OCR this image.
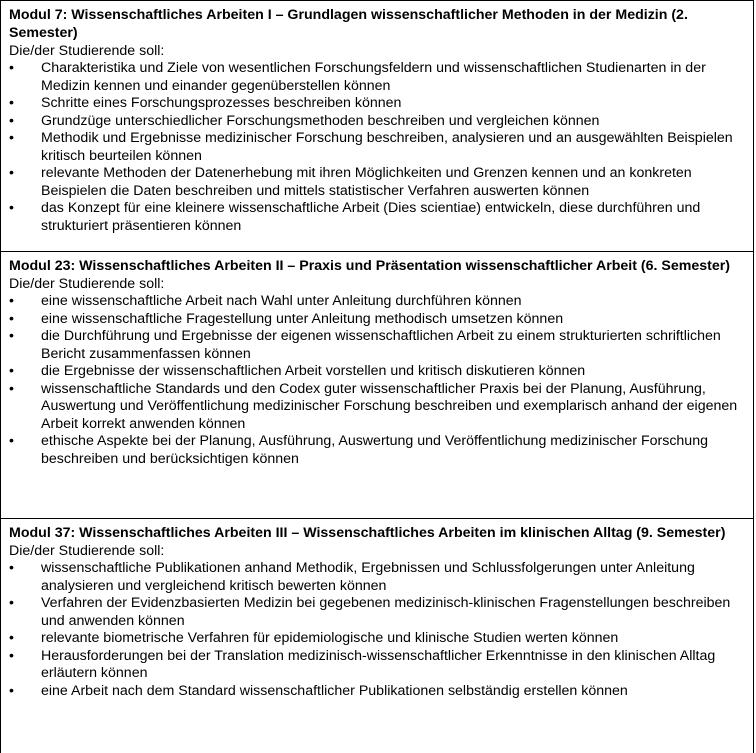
Modul 7: Wissenschaftliches Arbeiten I – Grundlagen wissenschaftlicher Methoden in der Medizin (2. Semester)

Die/der Studierende soll:

•	Charakteristika und Ziele von wesentlichen Forschungsfeldern und wissenschaftlichen Studienarten in der Medizin kennen und einander gegenüberstellen können
•	Schritte eines Forschungsprozesses beschreiben können
•	Grundzüge unterschiedlicher Forschungsmethoden beschreiben und vergleichen können
•	Methodik und Ergebnisse medizinischer Forschung beschreiben, analysieren und an ausgewählten Beispielen kritisch beurteilen können
•	relevante Methoden der Datenerhebung mit ihren Möglichkeiten und Grenzen kennen und an konkreten Beispielen die Daten beschreiben und mittels statistischer Verfahren auswerten können
•	das Konzept für eine kleinere wissenschaftliche Arbeit (Dies scientiae) entwickeln, diese durchführen und strukturiert präsentieren können

Modul 23: Wissenschaftliches Arbeiten II – Praxis und Präsentation wissenschaftlicher Arbeit (6. Semester)

Die/der Studierende soll:

•	eine wissenschaftliche Arbeit nach Wahl unter Anleitung durchführen können
•	eine wissenschaftliche Fragestellung unter Anleitung methodisch umsetzen können
•	die Durchführung und Ergebnisse der eigenen wissenschaftlichen Arbeit zu einem strukturierten schriftlichen Bericht zusammenfassen können
•	die Ergebnisse der wissenschaftlichen Arbeit vorstellen und kritisch diskutieren können
•	wissenschaftliche Standards und den Codex guter wissenschaftlicher Praxis bei der Planung, Ausführung, Auswertung und Veröffentlichung medizinischer Forschung beschreiben und exemplarisch anhand der eigenen Arbeit korrekt anwenden können
•	ethische Aspekte bei der Planung, Ausführung, Auswertung und Veröffentlichung medizinischer Forschung beschreiben und berücksichtigen können

Modul 37: Wissenschaftliches Arbeiten III – Wissenschaftliches Arbeiten im klinischen Alltag (9. Semester)

Die/der Studierende soll:

•	wissenschaftliche Publikationen anhand Methodik, Ergebnissen und Schlussfolgerungen unter Anleitung analysieren und vergleichend kritisch bewerten können
•	Verfahren der Evidenzbasierten Medizin bei gegebenen medizinisch-klinischen Fragenstellungen beschreiben und anwenden können
•	relevante biometrische Verfahren für epidemiologische und klinische Studien werten können
•	Herausforderungen bei der Translation medizinisch-wissenschaftlicher Erkenntnisse in den klinischen Alltag erläutern können
•	eine Arbeit nach dem Standard wissenschaftlicher Publikationen selbständig erstellen können
